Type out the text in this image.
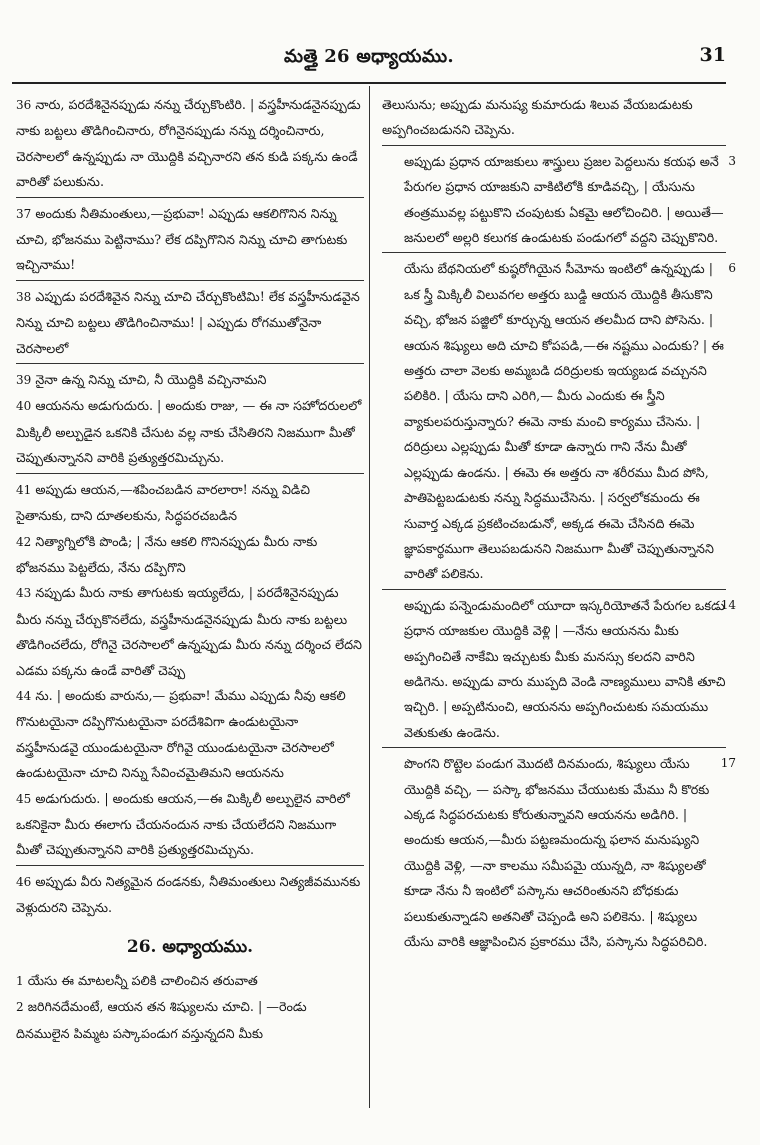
మత్తై 26 అధ్యాయము.	31

36 నారు, పరదేశినైనప్పుడు నన్ను చేర్చుకొంటిరి. | వస్త్రహీనుడనైనప్పుడు నాకు బట్టలు తొడిగించినారు, రోగినైనప్పుడు నన్ను దర్శించినారు, చెరసాలలో ఉన్నప్పుడు నా యొద్దికి వచ్చినారని తన కుడి పక్కను ఉండే వారితో పలుకును.

37 అందుకు నీతిమంతులు,—ప్రభువా! ఎప్పుడు ఆకలిగొనిన నిన్ను చూచి, భోజనము పెట్టినాము? లేక దప్పిగొనిన నిన్ను చూచి తాగుటకు ఇచ్చినాము!

38 ఎప్పుడు పరదేశివైన నిన్ను చూచి చేర్చుకొంటిమి! లేక వస్త్రహీనుడవైన నిన్ను చూచి బట్టలు తొడిగించినాము! | ఎప్పుడు రోగముతోనైనా చెరసాలలో

39 నైనా ఉన్న నిన్ను చూచి, నీ యొద్దికి వచ్చినామని

40 ఆయనను అడుగుదురు. | అందుకు రాజు, — ఈ నా సహోదరులలో మిక్కిలీ అల్పుడైన ఒకనికి చేసుట వల్ల నాకు చేసితిరని నిజముగా మీతో చెప్పుతున్నానని వారికి ప్రత్యుత్తరమిచ్చును.

41 అప్పుడు ఆయన,—శపించబడిన వారలారా! నన్ను విడిచి సైతానుకు, దాని దూతలకును, సిద్ధపరచబడిన

42 నిత్యాగ్నిలోకి పొండి; | నేను ఆకలి గొనినప్పుడు మీరు నాకు భోజనము పెట్టలేదు, నేను దప్పిగొని

43 నప్పుడు మీరు నాకు తాగుటకు ఇయ్యలేదు, | పరదేశినైనప్పుడు మీరు నన్ను చేర్చుకొనలేదు, వస్త్రహీనుడనైనప్పుడు మీరు నాకు బట్టలు తొడిగించలేదు, రోగినై చెరసాలలో ఉన్నప్పుడు మీరు నన్ను దర్శించ లేదని ఎడమ పక్కను ఉండే వారితో చెప్పు

44 ను. | అందుకు వారును,— ప్రభువా! మేము ఎప్పుడు నీవు ఆకలి గొనుటయైనా దప్పిగొనుటయైనా పరదేశివిగా ఉండుటయైనా వస్త్రహీనుడవై యుండుటయైనా రోగివై యుండుటయైనా చెరసాలలో ఉండుటయైనా చూచి నిన్ను సేవించమైతిమని ఆయనను

45 అడుగుదురు. | అందుకు ఆయన,—ఈ మిక్కిలీ అల్పులైన వారిలో ఒకనికైనా మీరు ఈలాగు చేయనందున నాకు చేయలేదని నిజముగా మీతో చెప్పుతున్నానని వారికి ప్రత్యుత్తరమిచ్చును.

46 అప్పుడు వీరు నిత్యమైన దండనకు, నీతిమంతులు నిత్యజీవమునకు వెళ్లుదురని చెప్పెను.

26. అధ్యాయము.

1 యేసు ఈ మాటలన్నీ పలికి చాలించిన తరువాత

2 జరిగినదేమంటే, ఆయన తన శిష్యులను చూచి. | —రెండు దినములైన పిమ్మట పస్కాపండుగ వస్తున్నదని మీకు

తెలుసును; అప్పుడు మనుష్య కుమారుడు శిలువ వేయబడుటకు అప్పగించబడునని చెప్పెను.

3
అప్పుడు ప్రధాన యాజకులు శాస్త్రులు ప్రజల పెద్దలును కయఫ అనే పేరుగల ప్రధాన యాజకుని వాకిటిలోకి కూడివచ్చి, | యేసును తంత్రమువల్ల పట్టుకొని చంపుటకు ఏకమై ఆలోచించిరి. | అయితే— జనులలో అల్లరి కలుగక ఉండుటకు పండుగలో వద్దని చెప్పుకొనిరి.

6
యేసు బేథనియలో కుష్ఠరోగియైన సీమోను ఇంటిలో ఉన్నప్పుడు | ఒక స్త్రీ మిక్కిలీ విలువగల అత్తరు బుడ్డి ఆయన యొద్దికి తీసుకొని వచ్చి, భోజన పజ్జిలో కూర్చున్న ఆయన తలమీద దాని పోసెను. | ఆయన శిష్యులు అది చూచి కోపపడి,—ఈ నష్టము ఎందుకు? | ఈ అత్తరు చాలా వెలకు అమ్మబడి దరిద్రులకు ఇయ్యబడ వచ్చునని పలికిరి. | యేసు దాని ఎరిగి,— మీరు ఎందుకు ఈ స్త్రీని వ్యాకులపరుస్తున్నారు? ఈమె నాకు మంచి కార్యము చేసెను. | దరిద్రులు ఎల్లప్పుడు మీతో కూడా ఉన్నారు గాని నేను మీతో ఎల్లప్పుడు ఉండను. | ఈమె ఈ అత్తరు నా శరీరము మీద పోసి, పాతిపెట్టబడుటకు నన్ను సిద్ధముచేసెను. | సర్వలోకమందు ఈ సువార్త ఎక్కడ ప్రకటించబడునో, అక్కడ ఈమె చేసినది ఈమె జ్ఞాపకార్థముగా తెలుపబడునని నిజముగా మీతో చెప్పుతున్నానని వారితో పలికెను.

14
అప్పుడు పన్నెండుమందిలో యూదా ఇస్కరియోతనే పేరుగల ఒకడు ప్రధాన యాజకుల యొద్దికి వెళ్లి | —నేను ఆయనను మీకు అప్పగించితే నాకేమి ఇచ్చుటకు మీకు మనస్సు కలదని వారిని అడిగెను. అప్పుడు వారు ముప్పది వెండి నాణ్యములు వానికి తూచి ఇచ్చిరి. | అప్పటినుంచి, ఆయనను అప్పగించుటకు సమయము వెతుకుతు ఉండెను.

17
పొంగని రొట్టెల పండుగ మొదటి దినమందు, శిష్యులు యేసు యొద్దికి వచ్చి, — పస్కా భోజనము చేయుటకు మేము నీ కొరకు ఎక్కడ సిద్ధపరచుటకు కోరుతున్నావని ఆయనను అడిగిరి. | అందుకు ఆయన,—మీరు పట్టణమందున్న ఫలాన మనుష్యుని యొద్దికి వెళ్లి, —నా కాలము సమీపమై యున్నది, నా శిష్యులతో కూడా నేను నీ ఇంటిలో పస్కాను ఆచరింతునని బోధకుడు పలుకుతున్నాడని అతనితో చెప్పండి అని పలికెను. | శిష్యులు యేసు వారికి ఆజ్ఞాపించిన ప్రకారము చేసి, పస్కాను సిద్ధపరిచిరి.
